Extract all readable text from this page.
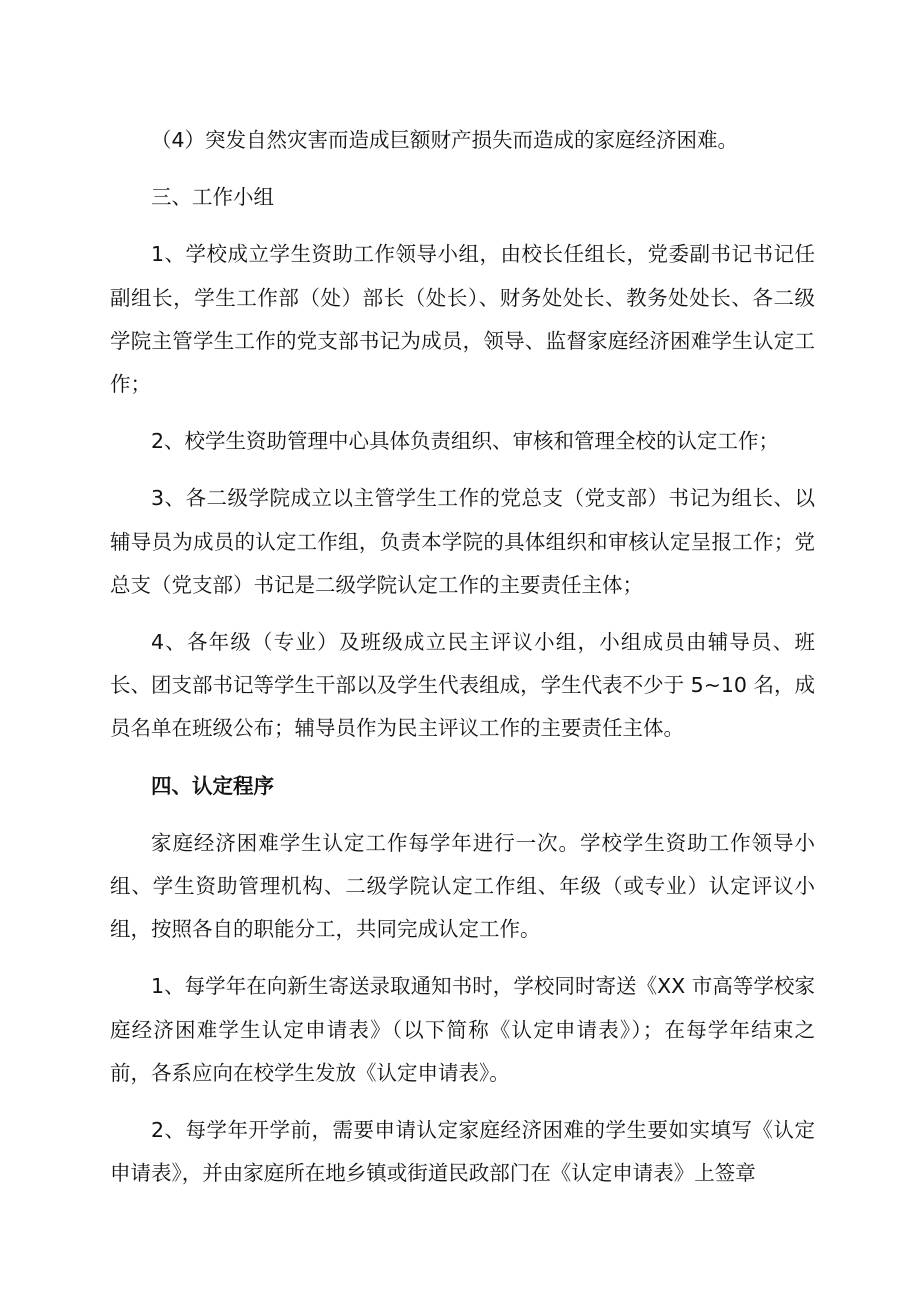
（4）突发自然灾害而造成巨额财产损失而造成的家庭经济困难。

三、工作小组

1、学校成立学生资助工作领导小组，由校长任组长，党委副书记书记任副组长，学生工作部（处）部长（处长）、财务处处长、教务处处长、各二级学院主管学生工作的党支部书记为成员，领导、监督家庭经济困难学生认定工作；

2、校学生资助管理中心具体负责组织、审核和管理全校的认定工作；

3、各二级学院成立以主管学生工作的党总支（党支部）书记为组长、以辅导员为成员的认定工作组，负责本学院的具体组织和审核认定呈报工作；党总支（党支部）书记是二级学院认定工作的主要责任主体；

4、各年级（专业）及班级成立民主评议小组，小组成员由辅导员、班长、团支部书记等学生干部以及学生代表组成，学生代表不少于 5~10 名，成员名单在班级公布；辅导员作为民主评议工作的主要责任主体。

四、认定程序

家庭经济困难学生认定工作每学年进行一次。学校学生资助工作领导小组、学生资助管理机构、二级学院认定工作组、年级（或专业）认定评议小组，按照各自的职能分工，共同完成认定工作。

1、每学年在向新生寄送录取通知书时，学校同时寄送《XX 市高等学校家庭经济困难学生认定申请表》（以下简称《认定申请表》）；在每学年结束之前，各系应向在校学生发放《认定申请表》。

2、每学年开学前，需要申请认定家庭经济困难的学生要如实填写《认定申请表》，并由家庭所在地乡镇或街道民政部门在《认定申请表》上签章
